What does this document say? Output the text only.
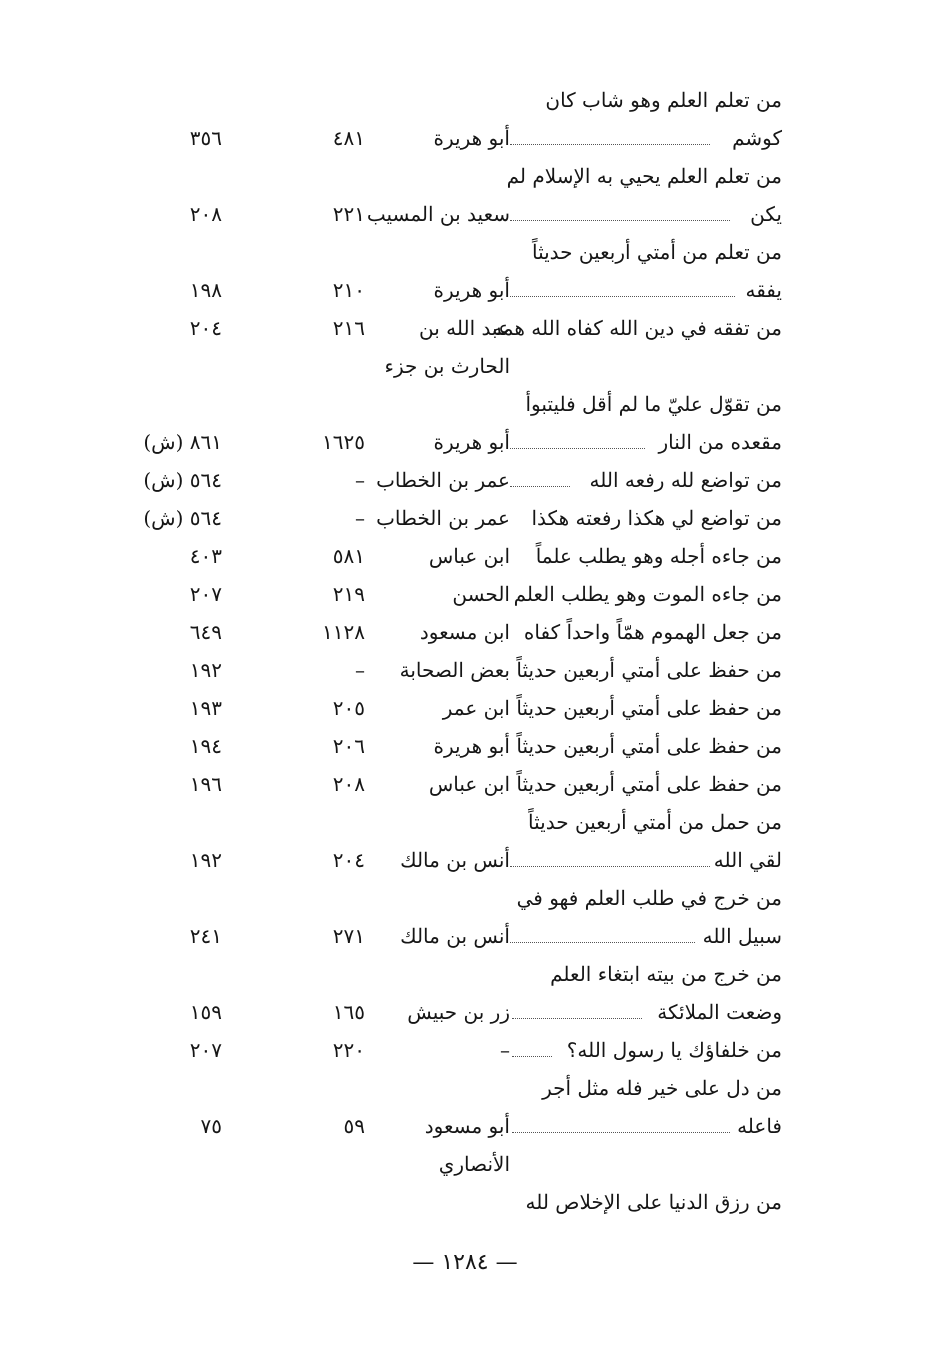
من تعلم العلم وهو شاب كان
كوشم
أبو هريرة
٤٨١
٣٥٦
من تعلم العلم يحيي به الإسلام لم
يكن
سعيد بن المسيب
٢٢١
٢٠٨
من تعلم من أمتي أربعين حديثاً
يفقه
أبو هريرة
٢١٠
١٩٨
من تفقه في دين الله كفاه الله همه
عبد الله بن
٢١٦
٢٠٤
الحارث بن جزء
من تقوّل عليّ ما لم أقل فليتبوأ
مقعده من النار
أبو هريرة
١٦٢٥
٨٦١ (ش)
من تواضع لله رفعه الله
عمر بن الخطاب
–
٥٦٤ (ش)
من تواضع لي هكذا رفعته هكذا
عمر بن الخطاب
–
٥٦٤ (ش)
من جاءه أجله وهو يطلب علماً
ابن عباس
٥٨١
٤٠٣
من جاءه الموت وهو يطلب العلم
الحسن
٢١٩
٢٠٧
من جعل الهموم همّاً واحداً كفاه
ابن مسعود
١١٢٨
٦٤٩
من حفظ على أمتي أربعين حديثاً
بعض الصحابة
–
١٩٢
من حفظ على أمتي أربعين حديثاً
ابن عمر
٢٠٥
١٩٣
من حفظ على أمتي أربعين حديثاً
أبو هريرة
٢٠٦
١٩٤
من حفظ على أمتي أربعين حديثاً
ابن عباس
٢٠٨
١٩٦
من حمل من أمتي أربعين حديثاً
لقي الله
أنس بن مالك
٢٠٤
١٩٢
من خرج في طلب العلم فهو في
سبيل الله
أنس بن مالك
٢٧١
٢٤١
من خرج من بيته ابتغاء العلم
وضعت الملائكة
زر بن حبيش
١٦٥
١٥٩
من خلفاؤك يا رسول الله؟
–
٢٢٠
٢٠٧
من دل على خير فله مثل أجر
فاعله
أبو مسعود
٥٩
٧٥
الأنصاري
من رزق الدنيا على الإخلاص لله
— ١٢٨٤ —
